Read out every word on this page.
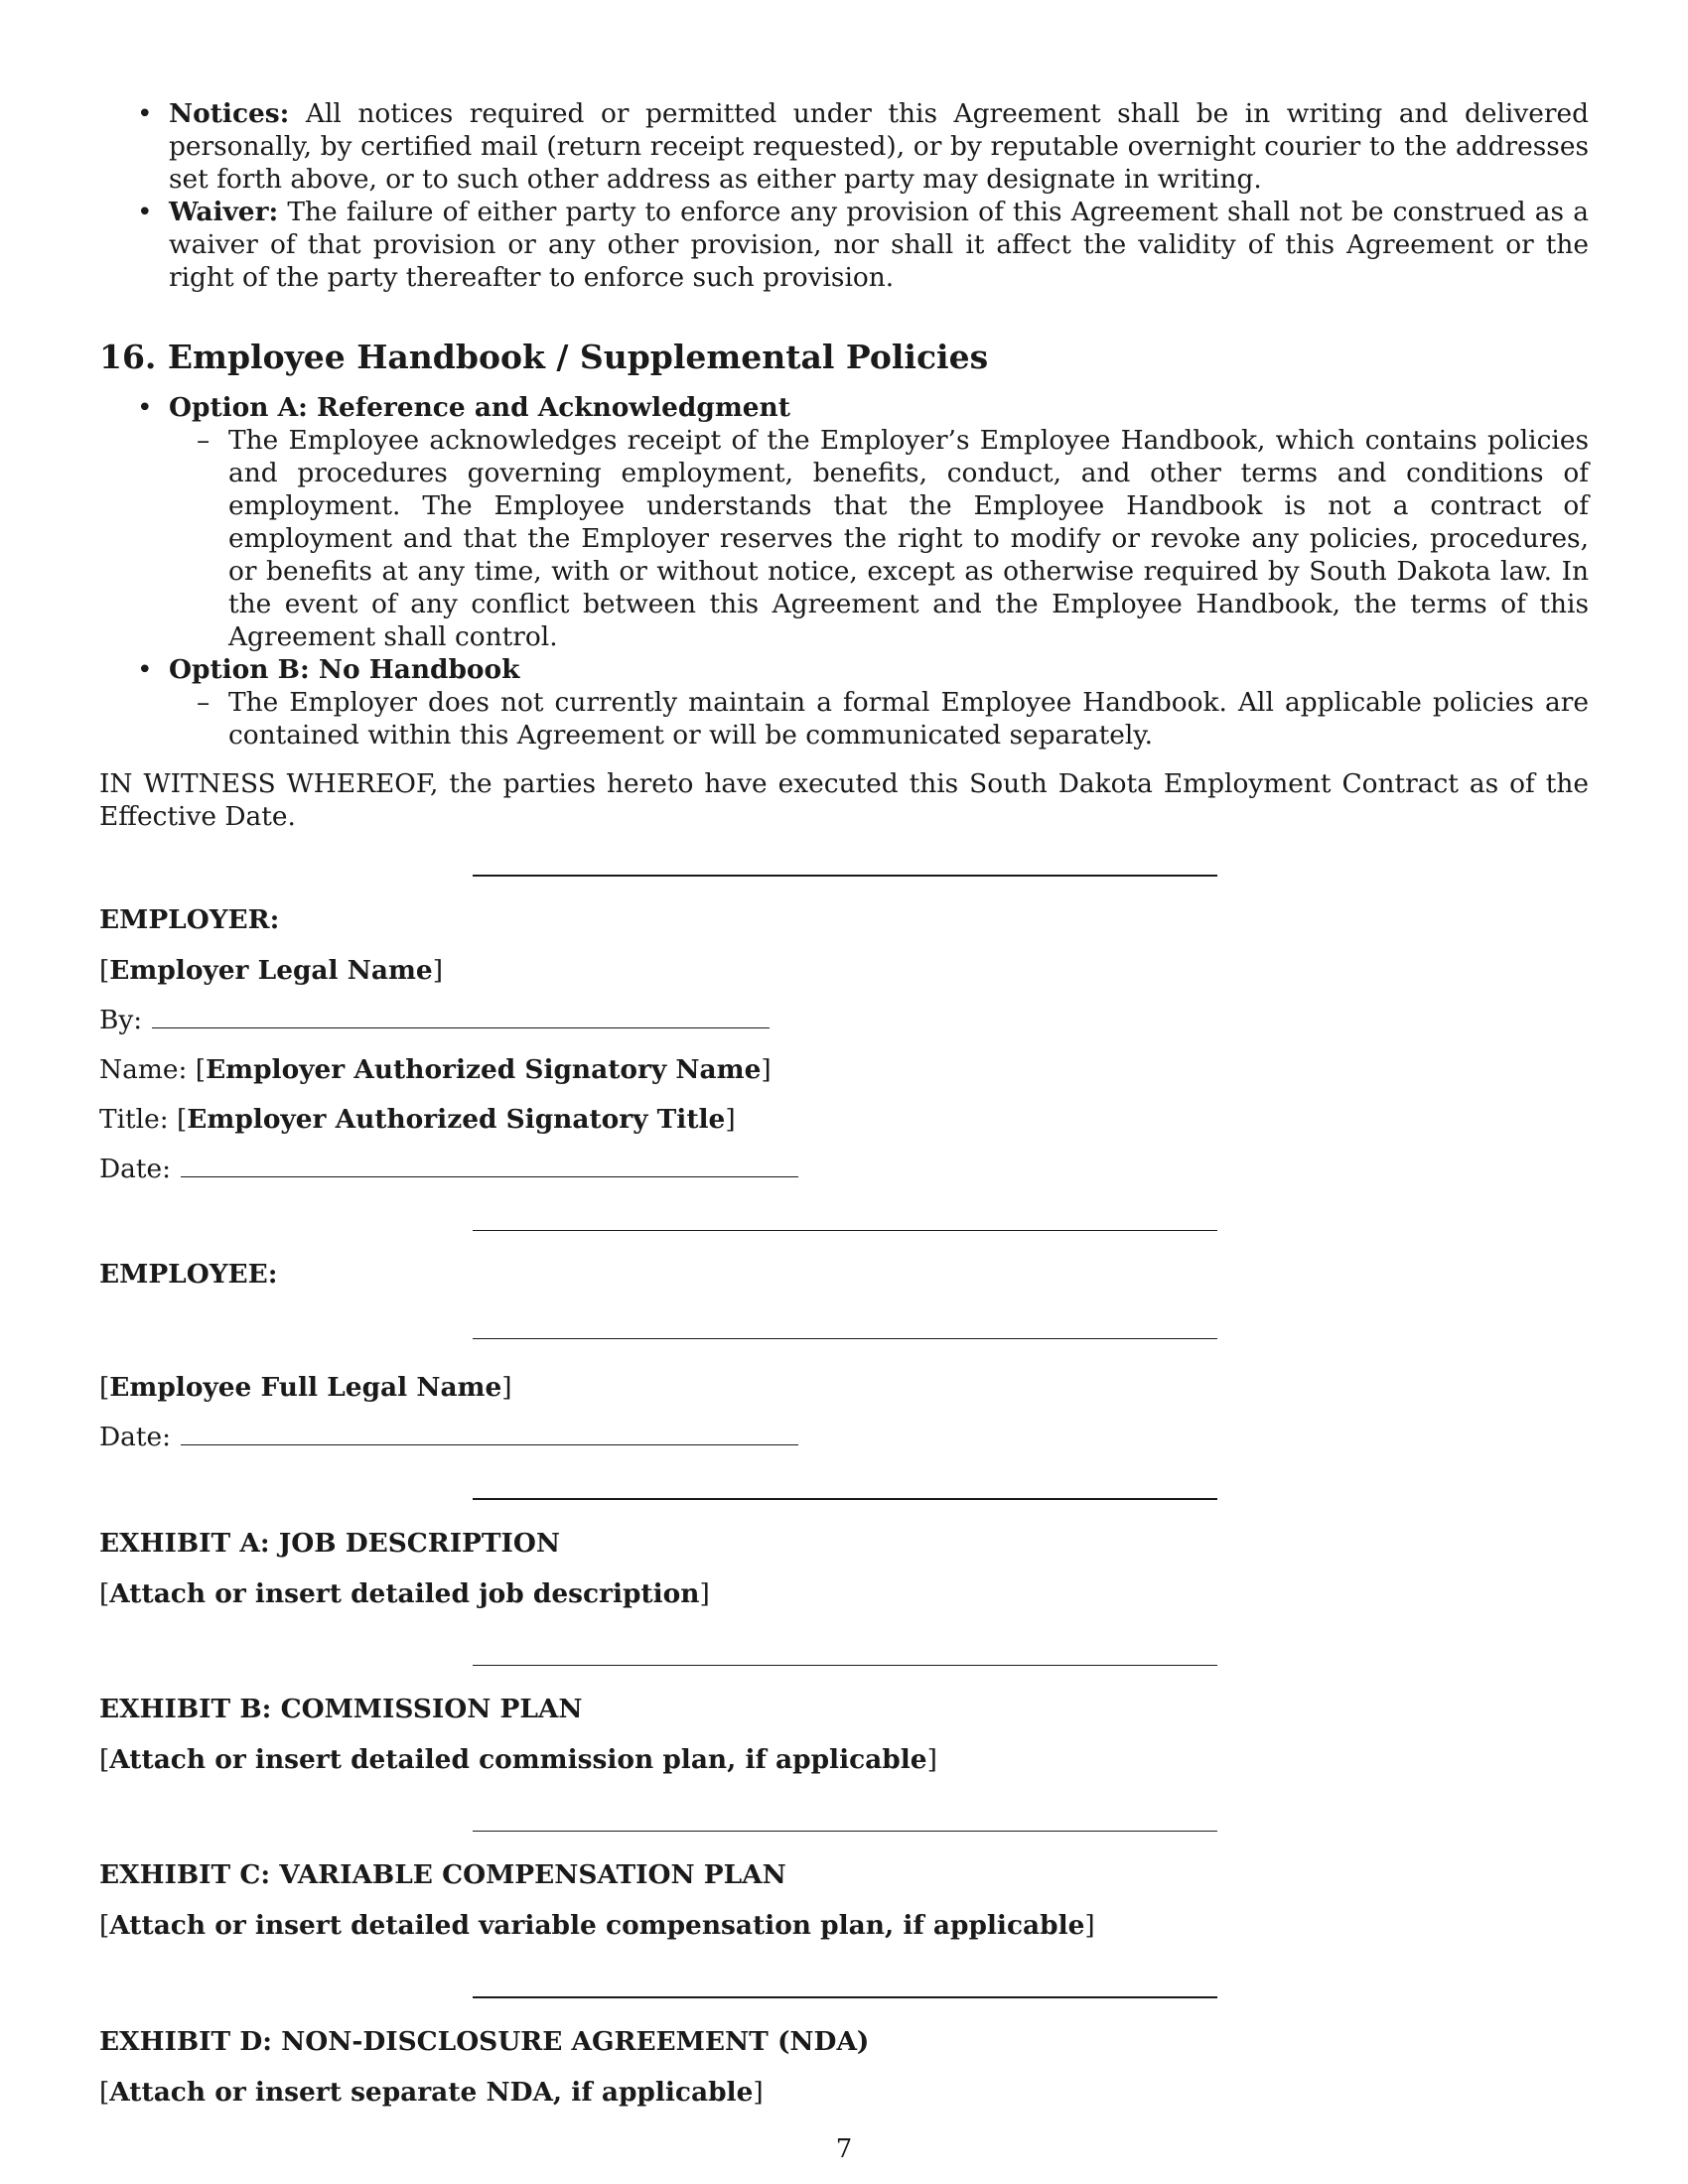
• Notices: All notices required or permitted under this Agreement shall be in writing and delivered personally, by certified mail (return receipt requested), or by reputable overnight courier to the addresses set forth above, or to such other address as either party may designate in writing.
• Waiver: The failure of either party to enforce any provision of this Agreement shall not be construed as a waiver of that provision or any other provision, nor shall it affect the validity of this Agreement or the right of the party thereafter to enforce such provision.
16. Employee Handbook / Supplemental Policies
• Option A: Reference and Acknowledgment
– The Employee acknowledges receipt of the Employer’s Employee Handbook, which contains policies and procedures governing employment, benefits, conduct, and other terms and conditions of employment. The Employee understands that the Employee Handbook is not a contract of employment and that the Employer reserves the right to modify or revoke any policies, procedures, or benefits at any time, with or without notice, except as otherwise required by South Dakota law. In the event of any conflict between this Agreement and the Employee Handbook, the terms of this Agreement shall control.
• Option B: No Handbook
– The Employer does not currently maintain a formal Employee Handbook. All applicable policies are contained within this Agreement or will be communicated separately.
IN WITNESS WHEREOF, the parties hereto have executed this South Dakota Employment Contract as of the Effective Date.
EMPLOYER:

[Employer Legal Name]

By:

Name: [Employer Authorized Signatory Name]

Title: [Employer Authorized Signatory Title]

Date:

EMPLOYEE:

[Employee Full Legal Name]

Date:

EXHIBIT A: JOB DESCRIPTION

[Attach or insert detailed job description]

EXHIBIT B: COMMISSION PLAN

[Attach or insert detailed commission plan, if applicable]

EXHIBIT C: VARIABLE COMPENSATION PLAN

[Attach or insert detailed variable compensation plan, if applicable]

EXHIBIT D: NON-DISCLOSURE AGREEMENT (NDA)

[Attach or insert separate NDA, if applicable]

7
